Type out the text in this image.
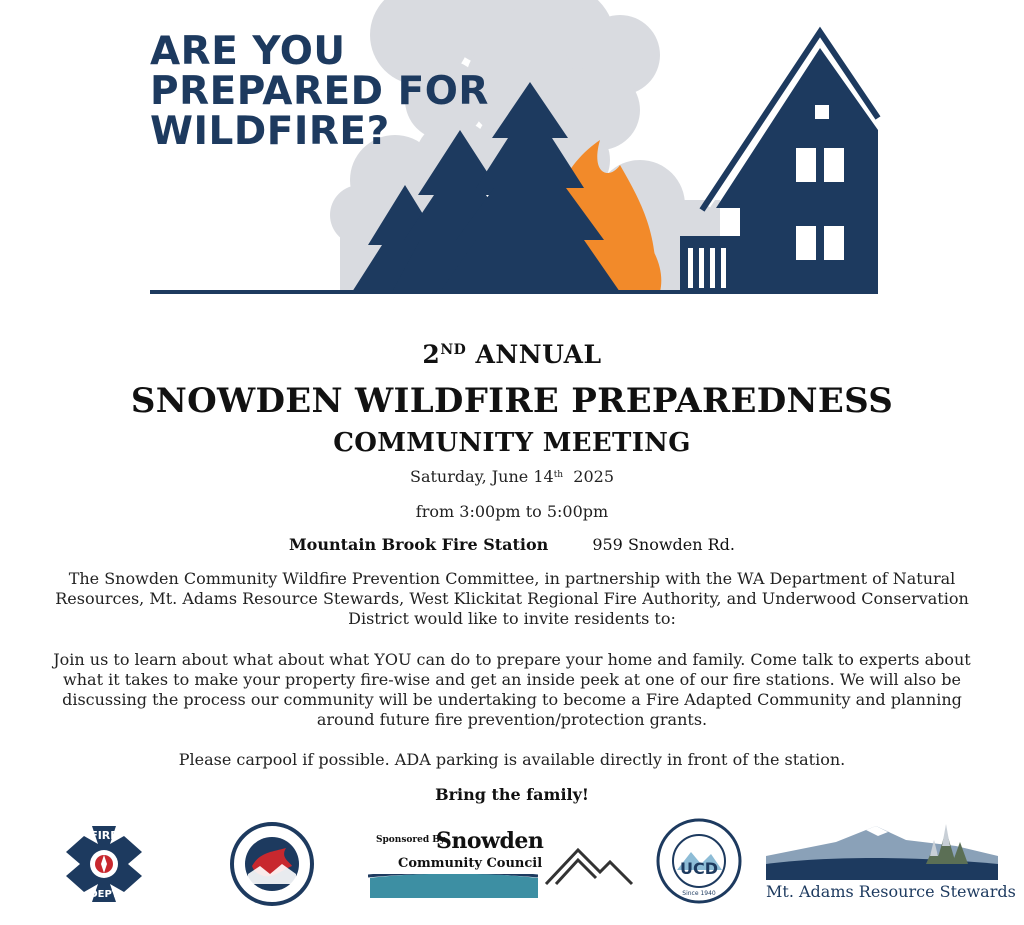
ARE YOU
PREPARED FOR
WILDFIRE?
2ND ANNUAL
SNOWDEN WILDFIRE PREPAREDNESS
COMMUNITY MEETING
Saturday, June 14th 2025
from 3:00pm to 5:00pm
Mountain Brook Fire Station	959 Snowden Rd.
The Snowden Community Wildfire Prevention Committee, in partnership with the WA Department of Natural Resources, Mt. Adams Resource Stewards, West Klickitat Regional Fire Authority, and Underwood Conservation District would like to invite residents to:
Join us to learn about what about what YOU can do to prepare your home and family. Come talk to experts about what it takes to make your property fire-wise and get an inside peek at one of our fire stations. We will also be discussing the process our community will be undertaking to become a Fire Adapted Community and planning around future fire prevention/protection grants.
Please carpool if possible. ADA parking is available directly in front of the station.
Bring the family!
FIRE
DEPT
Sponsored By
Snowden
Community Council	UCD
Since 1940	Mt. Adams Resource Stewards
